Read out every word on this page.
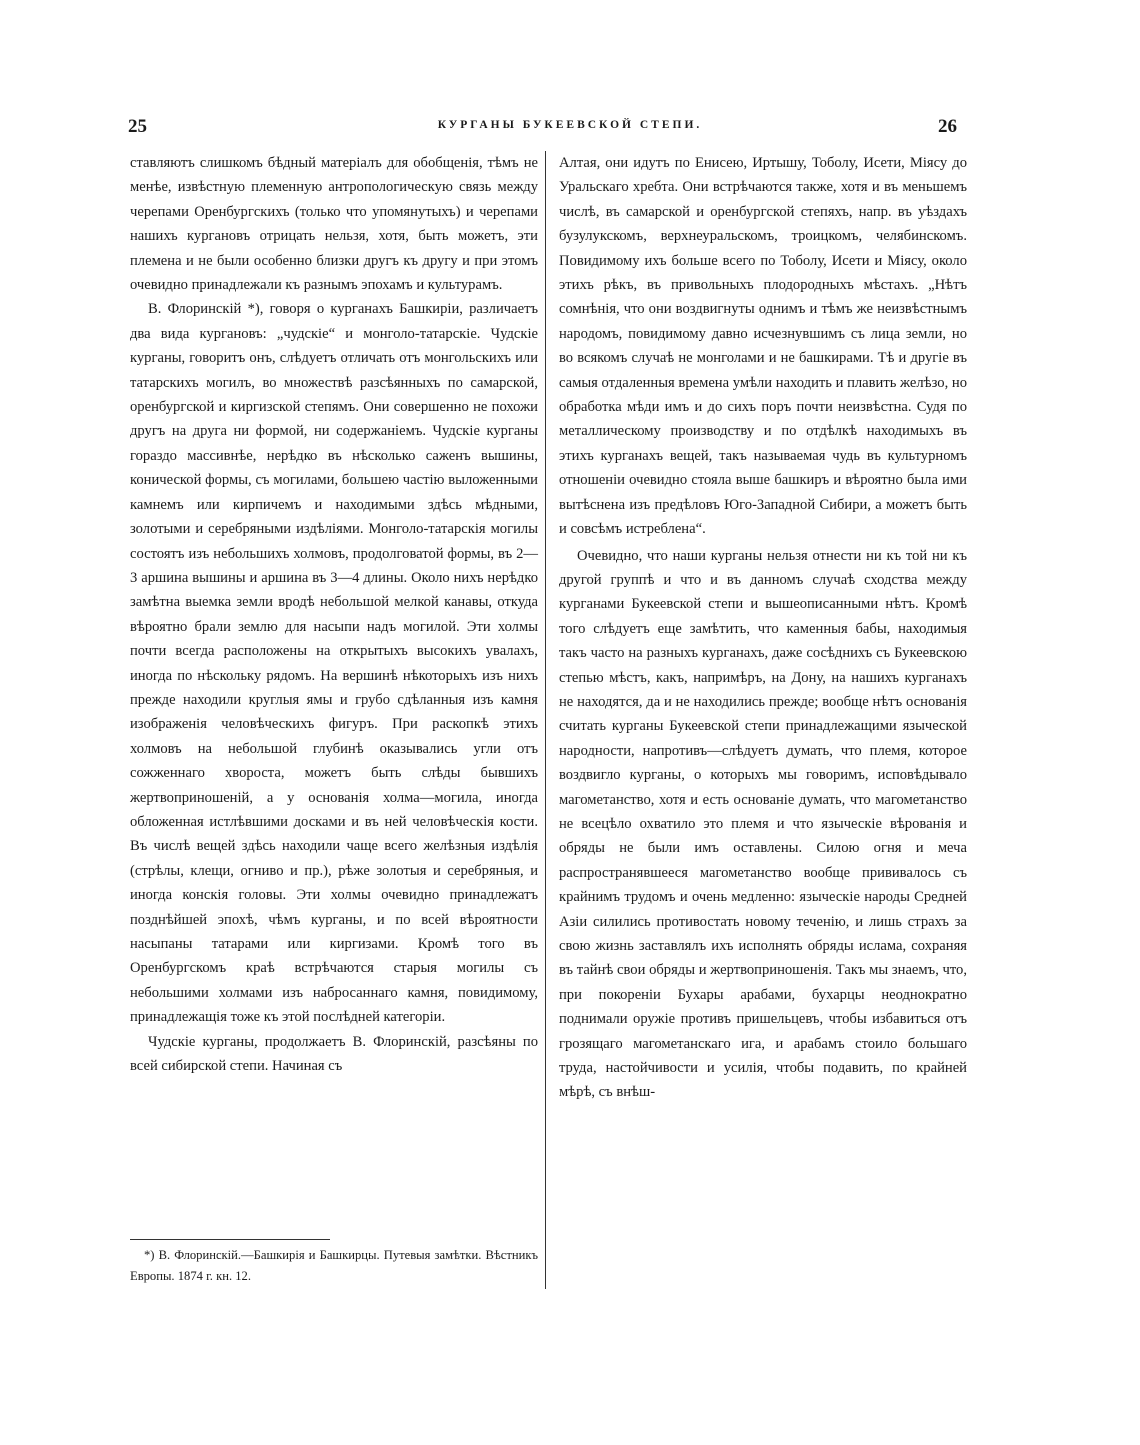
25	КУРГАНЫ БУКЕЕВСКОЙ СТЕПИ.	26

ставляютъ слишкомъ бѣдный матеріалъ для обобщенія, тѣмъ не менѣе, извѣстную племенную антропологическую связь между черепами Оренбургскихъ (только что упомянутыхъ) и черепами нашихъ кургановъ отрицать нельзя, хотя, быть можетъ, эти племена и не были особенно близки другъ къ другу и при этомъ очевидно принадлежали къ разнымъ эпохамъ и культурамъ.

В. Флоринскій *), говоря о курганахъ Башкиріи, различаетъ два вида кургановъ: „чудскіе“ и монголо-татарскіе. Чудскіе курганы, говоритъ онъ, слѣдуетъ отличать отъ монгольскихъ или татарскихъ могилъ, во множествѣ разсѣянныхъ по самарской, оренбургской и киргизской степямъ. Они совершенно не похожи другъ на друга ни формой, ни содержаніемъ. Чудскіе курганы гораздо массивнѣе, нерѣдко въ нѣсколько саженъ вышины, конической формы, съ могилами, большею частію выложенными камнемъ или кирпичемъ и находимыми здѣсь мѣдными, золотыми и серебряными издѣліями. Монголо-татарскія могилы состоятъ изъ небольшихъ холмовъ, продолговатой формы, въ 2—3 аршина вышины и аршина въ 3—4 длины. Около нихъ нерѣдко замѣтна выемка земли вродѣ небольшой мелкой канавы, откуда вѣроятно брали землю для насыпи надъ могилой. Эти холмы почти всегда расположены на открытыхъ высокихъ увалахъ, иногда по нѣскольку рядомъ. На вершинѣ нѣкоторыхъ изъ нихъ прежде находили круглыя ямы и грубо сдѣланныя изъ камня изображенія человѣческихъ фигуръ. При раскопкѣ этихъ холмовъ на небольшой глубинѣ оказывались угли отъ сожженнаго хвороста, можетъ быть слѣды бывшихъ жертвоприношеній, а у основанія холма—могила, иногда обложенная истлѣвшими досками и въ ней человѣческія кости. Въ числѣ вещей здѣсь находили чаще всего желѣзныя издѣлія (стрѣлы, клещи, огниво и пр.), рѣже золотыя и серебряныя, и иногда конскія головы. Эти холмы очевидно принадлежатъ позднѣйшей эпохѣ, чѣмъ курганы, и по всей вѣроятности насыпаны татарами или киргизами. Кромѣ того въ Оренбургскомъ краѣ встрѣчаются старыя могилы съ небольшими холмами изъ набросаннаго камня, повидимому, принадлежащія тоже къ этой послѣдней категоріи.

Чудскіе курганы, продолжаетъ В. Флоринскій, разсѣяны по всей сибирской степи. Начиная съ

*) В. Флоринскій.—Башкирія и Башкирцы. Путевыя замѣтки. Вѣстникъ Европы. 1874 г. кн. 12.

Алтая, они идутъ по Енисею, Иртышу, Тоболу, Исети, Міясу до Уральскаго хребта. Они встрѣчаются также, хотя и въ меньшемъ числѣ, въ самарской и оренбургской степяхъ, напр. въ уѣздахъ бузулукскомъ, верхнеуральскомъ, троицкомъ, челябинскомъ. Повидимому ихъ больше всего по Тоболу, Исети и Міясу, около этихъ рѣкъ, въ привольныхъ плодородныхъ мѣстахъ. „Нѣтъ сомнѣнія, что они воздвигнуты однимъ и тѣмъ же неизвѣстнымъ народомъ, повидимому давно исчезнувшимъ съ лица земли, но во всякомъ случаѣ не монголами и не башкирами. Тѣ и другіе въ самыя отдаленныя времена умѣли находить и плавить желѣзо, но обработка мѣди имъ и до сихъ поръ почти неизвѣстна. Судя по металлическому производству и по отдѣлкѣ находимыхъ въ этихъ курганахъ вещей, такъ называемая чудь въ культурномъ отношеніи очевидно стояла выше башкиръ и вѣроятно была ими вытѣснена изъ предѣловъ Юго-Западной Сибири, а можетъ быть и совсѣмъ истреблена“.

Очевидно, что наши курганы нельзя отнести ни къ той ни къ другой группѣ и что и въ данномъ случаѣ сходства между курганами Букеевской степи и вышеописанными нѣтъ. Кромѣ того слѣдуетъ еще замѣтить, что каменныя бабы, находимыя такъ часто на разныхъ курганахъ, даже сосѣднихъ съ Букеевскою степью мѣстъ, какъ, напримѣръ, на Дону, на нашихъ курганахъ не находятся, да и не находились прежде; вообще нѣтъ основанія считать курганы Букеевской степи принадлежащими языческой народности, напротивъ—слѣдуетъ думать, что племя, которое воздвигло курганы, о которыхъ мы говоримъ, исповѣдывало магометанство, хотя и есть основаніе думать, что магометанство не всецѣло охватило это племя и что языческіе вѣрованія и обряды не были имъ оставлены. Силою огня и меча распространявшееся магометанство вообще прививалось съ крайнимъ трудомъ и очень медленно: языческіе народы Средней Азіи силились противостать новому теченію, и лишь страхъ за свою жизнь заставлялъ ихъ исполнять обряды ислама, сохраняя въ тайнѣ свои обряды и жертвоприношенія. Такъ мы знаемъ, что, при покореніи Бухары арабами, бухарцы неоднократно поднимали оружіе противъ пришельцевъ, чтобы избавиться отъ грозящаго магометанскаго ига, и арабамъ стоило большаго труда, настойчивости и усилія, чтобы подавить, по крайней мѣрѣ, съ внѣш-
